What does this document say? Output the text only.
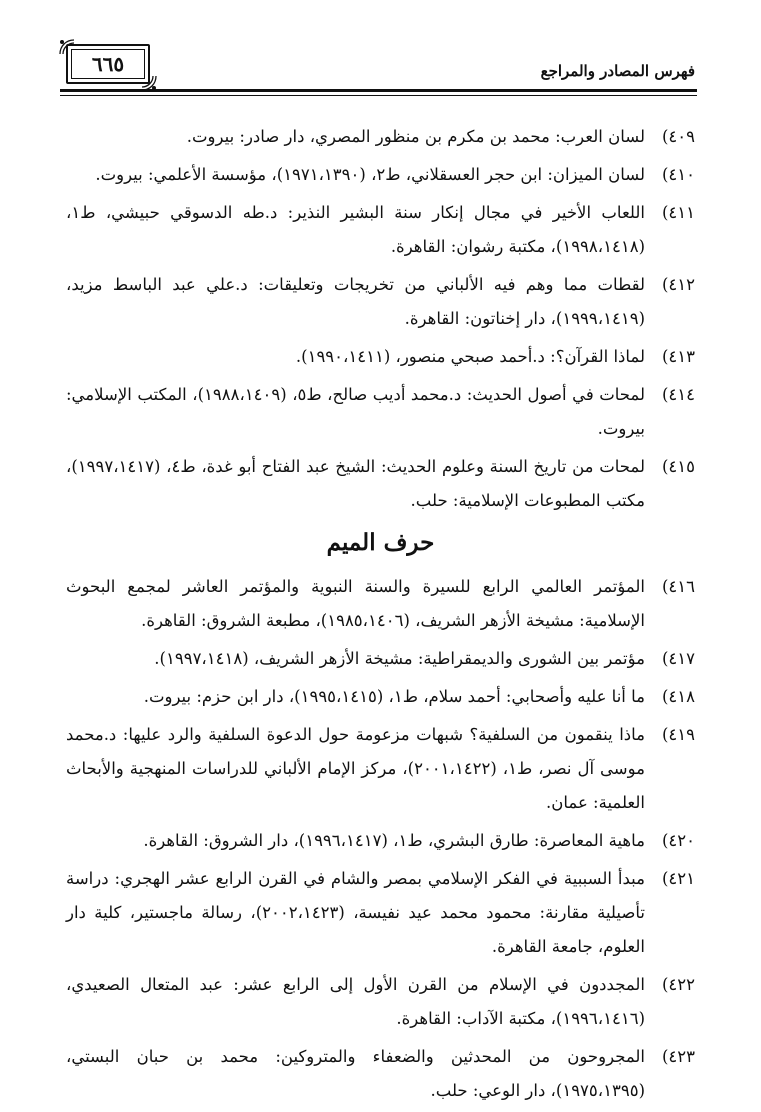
فهرس المصادر والمراجع
٦٦٥
٤٠٩)
لسان العرب: محمد بن مكرم بن منظور المصري، دار صادر: بيروت.
٤١٠)
لسان الميزان: ابن حجر العسقلاني، ط٢، (١٩٧١،١٣٩٠)، مؤسسة الأعلمي: بيروت.
٤١١)
اللعاب الأخير في مجال إنكار سنة البشير النذير: د.طه الدسوقي حبيشي، ط١، (١٩٩٨،١٤١٨)، مكتبة رشوان: القاهرة.
٤١٢)
لقطات مما وهم فيه الألباني من تخريجات وتعليقات: د.علي عبد الباسط مزيد، (١٩٩٩،١٤١٩)، دار إخناتون: القاهرة.
٤١٣)
لماذا القرآن؟: د.أحمد صبحي منصور، (١٩٩٠،١٤١١).
٤١٤)
لمحات في أصول الحديث: د.محمد أديب صالح، ط٥، (١٩٨٨،١٤٠٩)، المكتب الإسلامي: بيروت.
٤١٥)
لمحات من تاريخ السنة وعلوم الحديث: الشيخ عبد الفتاح أبو غدة، ط٤، (١٩٩٧،١٤١٧)، مكتب المطبوعات الإسلامية: حلب.
حرف الميم
٤١٦)
المؤتمر العالمي الرابع للسيرة والسنة النبوية والمؤتمر العاشر لمجمع البحوث الإسلامية: مشيخة الأزهر الشريف، (١٩٨٥،١٤٠٦)، مطبعة الشروق: القاهرة.
٤١٧)
مؤتمر بين الشورى والديمقراطية: مشيخة الأزهر الشريف، (١٩٩٧،١٤١٨).
٤١٨)
ما أنا عليه وأصحابي: أحمد سلام، ط١، (١٩٩٥،١٤١٥)، دار ابن حزم: بيروت.
٤١٩)
ماذا ينقمون من السلفية؟ شبهات مزعومة حول الدعوة السلفية والرد عليها: د.محمد موسى آل نصر، ط١، (٢٠٠١،١٤٢٢)، مركز الإمام الألباني للدراسات المنهجية والأبحاث العلمية: عمان.
٤٢٠)
ماهية المعاصرة: طارق البشري، ط١، (١٩٩٦،١٤١٧)، دار الشروق: القاهرة.
٤٢١)
مبدأ السببية في الفكر الإسلامي بمصر والشام في القرن الرابع عشر الهجري: دراسة تأصيلية مقارنة: محمود محمد عيد نفيسة، (٢٠٠٢،١٤٢٣)، رسالة ماجستير، كلية دار العلوم، جامعة القاهرة.
٤٢٢)
المجددون في الإسلام من القرن الأول إلى الرابع عشر: عبد المتعال الصعيدي، (١٩٩٦،١٤١٦)، مكتبة الآداب: القاهرة.
٤٢٣)
المجروحون من المحدثين والضعفاء والمتروكين: محمد بن حبان البستي، (١٩٧٥،١٣٩٥)، دار الوعي: حلب.
